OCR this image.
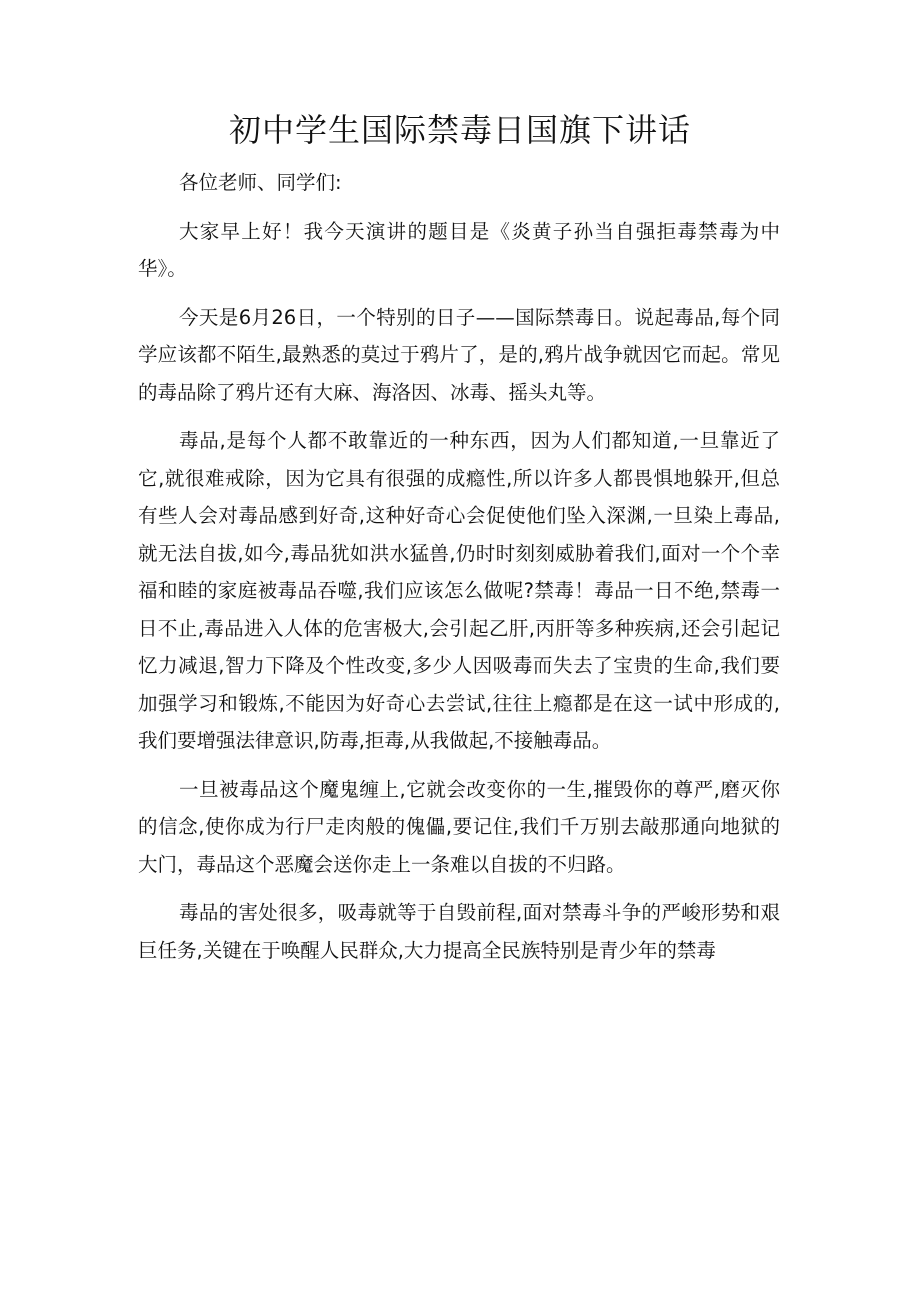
初中学生国际禁毒日国旗下讲话

各位老师、同学们:

大家早上好！我今天演讲的题目是《炎黄子孙当自强拒毒禁毒为中华》。

今天是6月26日，一个特别的日子——国际禁毒日。说起毒品,每个同学应该都不陌生,最熟悉的莫过于鸦片了，是的,鸦片战争就因它而起。常见的毒品除了鸦片还有大麻、海洛因、冰毒、摇头丸等。

毒品,是每个人都不敢靠近的一种东西，因为人们都知道,一旦靠近了它,就很难戒除，因为它具有很强的成瘾性,所以许多人都畏惧地躲开,但总有些人会对毒品感到好奇,这种好奇心会促使他们坠入深渊,一旦染上毒品,就无法自拔,如今,毒品犹如洪水猛兽,仍时时刻刻威胁着我们,面对一个个幸福和睦的家庭被毒品吞噬,我们应该怎么做呢?禁毒！毒品一日不绝,禁毒一日不止,毒品进入人体的危害极大,会引起乙肝,丙肝等多种疾病,还会引起记忆力减退,智力下降及个性改变,多少人因吸毒而失去了宝贵的生命,我们要加强学习和锻炼,不能因为好奇心去尝试,往往上瘾都是在这一试中形成的,我们要增强法律意识,防毒,拒毒,从我做起,不接触毒品。

一旦被毒品这个魔鬼缠上,它就会改变你的一生,摧毁你的尊严,磨灭你的信念,使你成为行尸走肉般的傀儡,要记住,我们千万别去敲那通向地狱的大门，毒品这个恶魔会送你走上一条难以自拔的不归路。

毒品的害处很多，吸毒就等于自毁前程,面对禁毒斗争的严峻形势和艰巨任务,关键在于唤醒人民群众,大力提高全民族特别是青少年的禁毒
